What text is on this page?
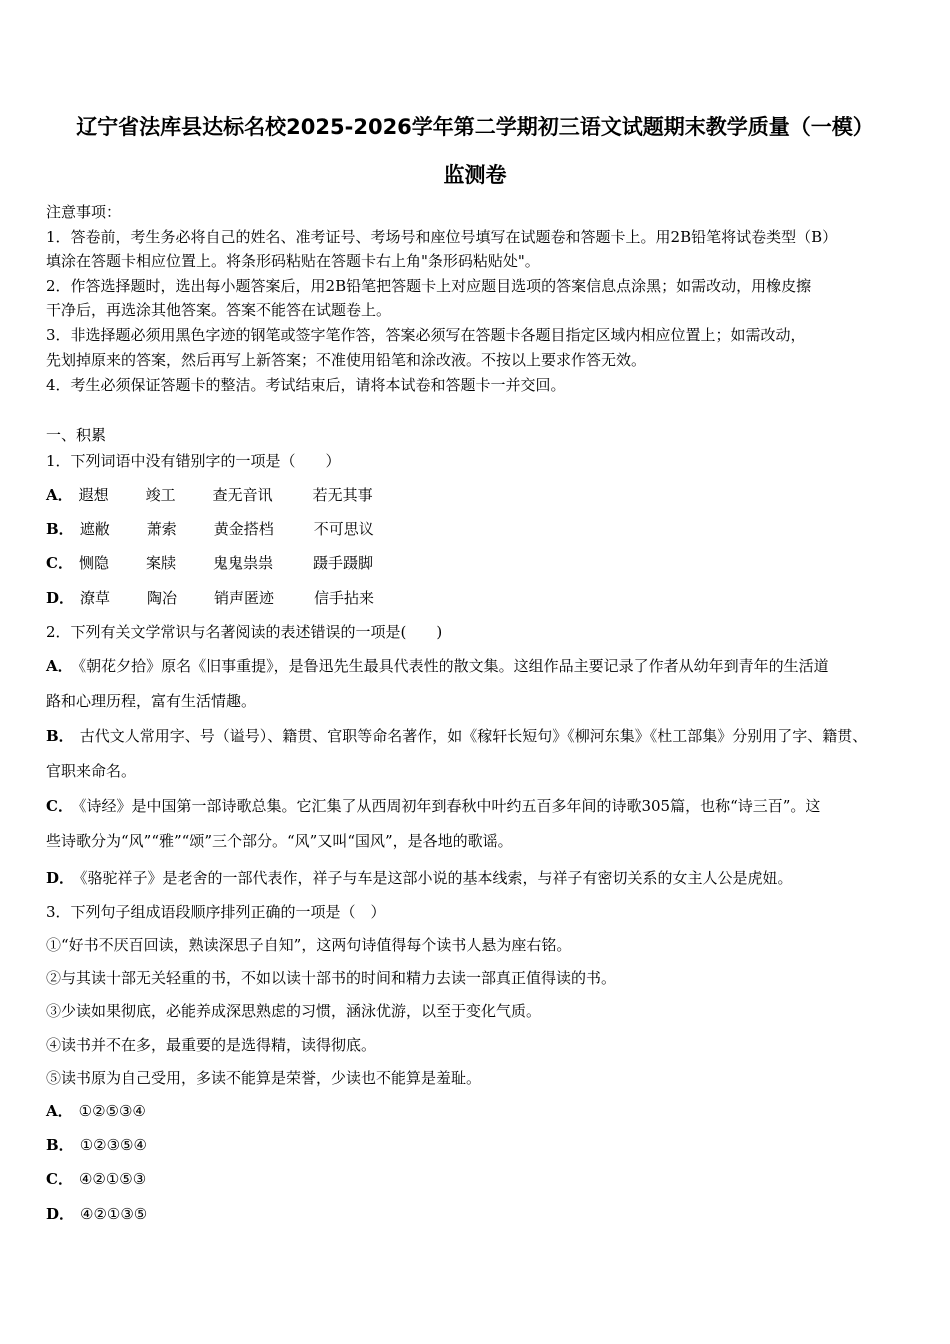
辽宁省法库县达标名校2025-2026学年第二学期初三语文试题期末教学质量（一模）
监测卷
注意事项：
1．答卷前，考生务必将自己的姓名、准考证号、考场号和座位号填写在试题卷和答题卡上。用2B铅笔将试卷类型（B）
填涂在答题卡相应位置上。将条形码粘贴在答题卡右上角"条形码粘贴处"。
2．作答选择题时，选出每小题答案后，用2B铅笔把答题卡上对应题目选项的答案信息点涂黑；如需改动，用橡皮擦
干净后，再选涂其他答案。答案不能答在试题卷上。
3．非选择题必须用黑色字迹的钢笔或签字笔作答，答案必须写在答题卡各题目指定区域内相应位置上；如需改动，
先划掉原来的答案，然后再写上新答案；不准使用铅笔和涂改液。不按以上要求作答无效。
4．考生必须保证答题卡的整洁。考试结束后，请将本试卷和答题卡一并交回。
一、积累
1．下列词语中没有错别字的一项是（　　）
A． 遐想 竣工 查无音讯	若无其事
B． 遮敝 萧索 黄金搭档	不可思议
C． 恻隐 案牍 鬼鬼祟祟	蹑手蹑脚
D． 潦草 陶冶 销声匿迹	信手拈来
2．下列有关文学常识与名著阅读的表述错误的一项是(　　)
A． 《朝花夕拾》原名《旧事重提》，是鲁迅先生最具代表性的散文集。这组作品主要记录了作者从幼年到青年的生活道
路和心理历程，富有生活情趣。
B． 古代文人常用字、号（谥号）、籍贯、官职等命名著作，如《稼轩长短句》《柳河东集》《杜工部集》分别用了字、籍贯、
官职来命名。
C． 《诗经》是中国第一部诗歌总集。它汇集了从西周初年到春秋中叶约五百多年间的诗歌305篇，也称“诗三百”。这
些诗歌分为“风”“雅”“颂”三个部分。“风”又叫“国风”，是各地的歌谣。
D． 《骆驼祥子》是老舍的一部代表作，祥子与车是这部小说的基本线索，与祥子有密切关系的女主人公是虎妞。
3．下列句子组成语段顺序排列正确的一项是（　）
①“好书不厌百回读，熟读深思子自知”，这两句诗值得每个读书人悬为座右铭。
②与其读十部无关轻重的书，不如以读十部书的时间和精力去读一部真正值得读的书。
③少读如果彻底，必能养成深思熟虑的习惯，涵泳优游，以至于变化气质。
④读书并不在多，最重要的是选得精，读得彻底。
⑤读书原为自己受用，多读不能算是荣誉，少读也不能算是羞耻。
A． ①②⑤③④
B． ①②③⑤④
C． ④②①⑤③
D． ④②①③⑤
